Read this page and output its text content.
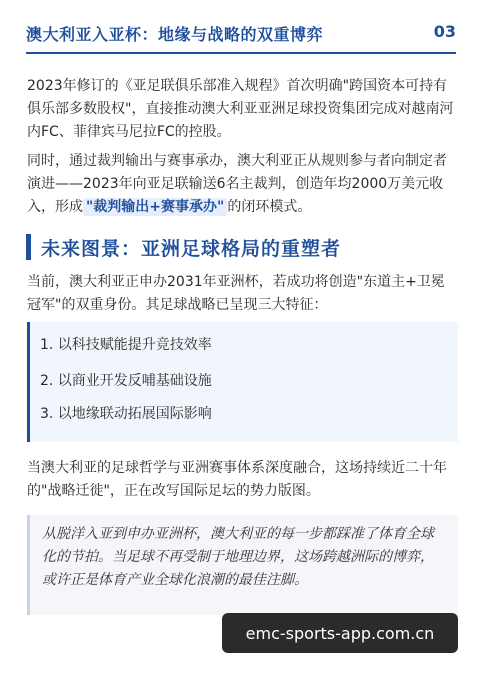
澳大利亚入亚杯：地缘与战略的双重博弈	03

2023年修订的《亚足联俱乐部准入规程》首次明确"跨国资本可持有俱乐部多数股权"，直接推动澳大利亚亚洲足球投资集团完成对越南河内FC、菲律宾马尼拉FC的控股。

同时，通过裁判输出与赛事承办，澳大利亚正从规则参与者向制定者演进——2023年向亚足联输送6名主裁判，创造年均2000万美元收入，形成 "裁判输出+赛事承办" 的闭环模式。

未来图景：亚洲足球格局的重塑者

当前，澳大利亚正申办2031年亚洲杯，若成功将创造"东道主+卫冕冠军"的双重身份。其足球战略已呈现三大特征：

1. 以科技赋能提升竞技效率
2. 以商业开发反哺基础设施
3. 以地缘联动拓展国际影响

当澳大利亚的足球哲学与亚洲赛事体系深度融合，这场持续近二十年的"战略迁徙"，正在改写国际足坛的势力版图。

从脱洋入亚到申办亚洲杯，澳大利亚的每一步都踩准了体育全球化的节拍。当足球不再受制于地理边界，这场跨越洲际的博弈，或许正是体育产业全球化浪潮的最佳注脚。
emc-sports-app.com.cn
